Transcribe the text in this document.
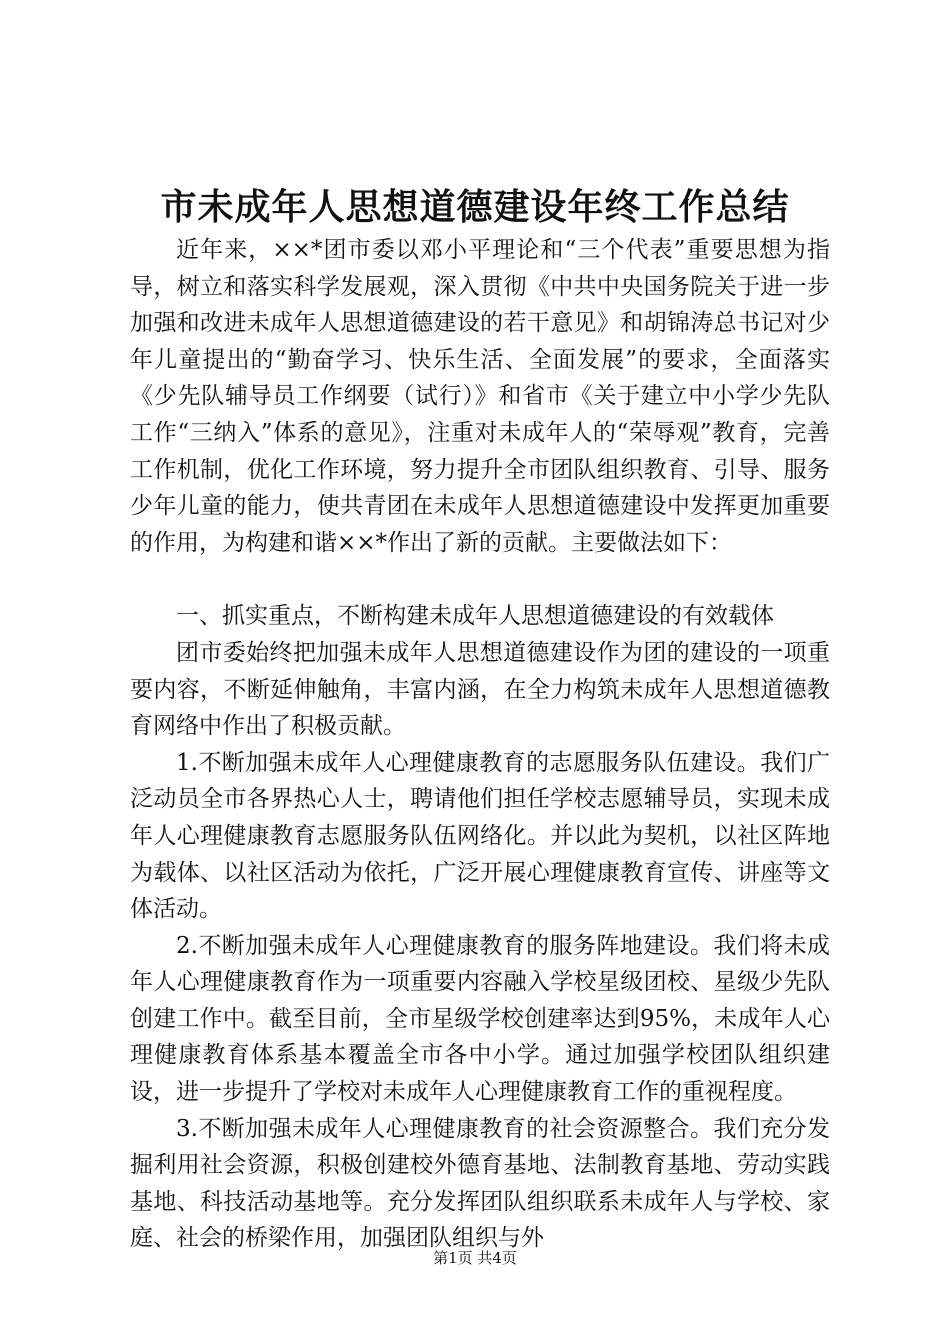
市未成年人思想道德建设年终工作总结

近年来，××*团市委以邓小平理论和“三个代表”重要思想为指导，树立和落实科学发展观，深入贯彻《中共中央国务院关于进一步加强和改进未成年人思想道德建设的若干意见》和胡锦涛总书记对少年儿童提出的“勤奋学习、快乐生活、全面发展”的要求，全面落实《少先队辅导员工作纲要（试行）》和省市《关于建立中小学少先队工作“三纳入”体系的意见》，注重对未成年人的“荣辱观”教育，完善工作机制，优化工作环境，努力提升全市团队组织教育、引导、服务少年儿童的能力，使共青团在未成年人思想道德建设中发挥更加重要的作用，为构建和谐××*作出了新的贡献。主要做法如下：

一、抓实重点，不断构建未成年人思想道德建设的有效载体

团市委始终把加强未成年人思想道德建设作为团的建设的一项重要内容，不断延伸触角，丰富内涵，在全力构筑未成年人思想道德教育网络中作出了积极贡献。

1.不断加强未成年人心理健康教育的志愿服务队伍建设。我们广泛动员全市各界热心人士，聘请他们担任学校志愿辅导员，实现未成年人心理健康教育志愿服务队伍网络化。并以此为契机，以社区阵地为载体、以社区活动为依托，广泛开展心理健康教育宣传、讲座等文体活动。

2.不断加强未成年人心理健康教育的服务阵地建设。我们将未成年人心理健康教育作为一项重要内容融入学校星级团校、星级少先队创建工作中。截至目前，全市星级学校创建率达到95%，未成年人心理健康教育体系基本覆盖全市各中小学。通过加强学校团队组织建设，进一步提升了学校对未成年人心理健康教育工作的重视程度。

3.不断加强未成年人心理健康教育的社会资源整合。我们充分发掘利用社会资源，积极创建校外德育基地、法制教育基地、劳动实践基地、科技活动基地等。充分发挥团队组织联系未成年人与学校、家庭、社会的桥梁作用，加强团队组织与外

第1页 共4页
